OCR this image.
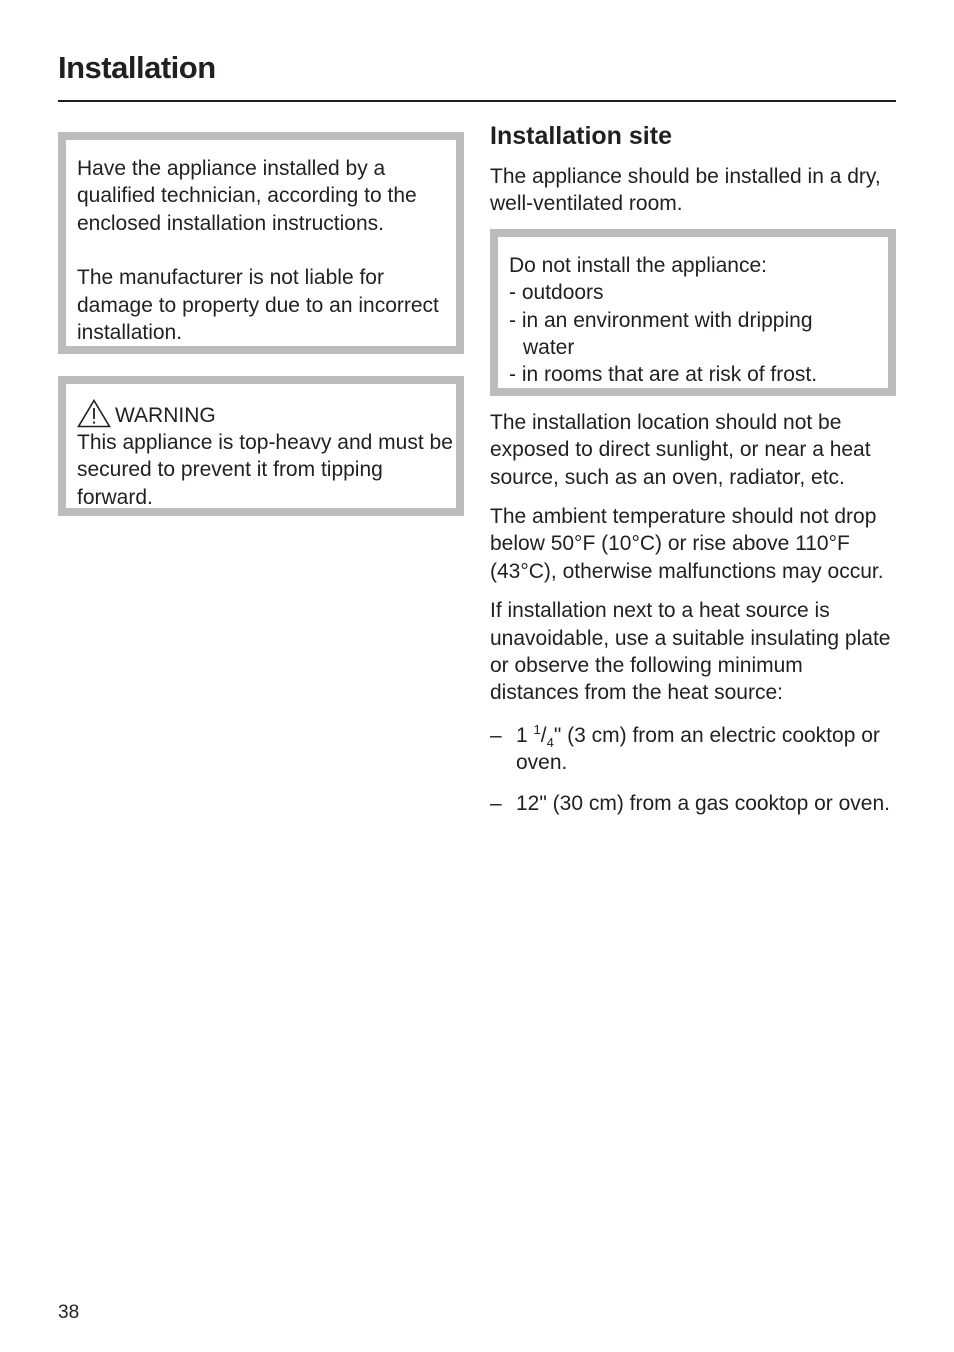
Installation

Have the appliance installed by a qualified technician, according to the enclosed installation instructions.

The manufacturer is not liable for damage to property due to an incorrect installation.

WARNING

This appliance is top-heavy and must be secured to prevent it from tipping forward.

Installation site

The appliance should be installed in a dry, well-ventilated room.

Do not install the appliance:

- outdoors

- in an environment with dripping

water

- in rooms that are at risk of frost.

The installation location should not be exposed to direct sunlight, or near a heat source, such as an oven, radiator, etc.

The ambient temperature should not drop below 50°F (10°C) or rise above 110°F (43°C), otherwise malfunctions may occur.

If installation next to a heat source is unavoidable, use a suitable insulating plate or observe the following minimum distances from the heat source:

– 1 $^1/_4$" (3 cm) from an electric cooktop or oven.
– 12" (30 cm) from a gas cooktop or oven.
38
